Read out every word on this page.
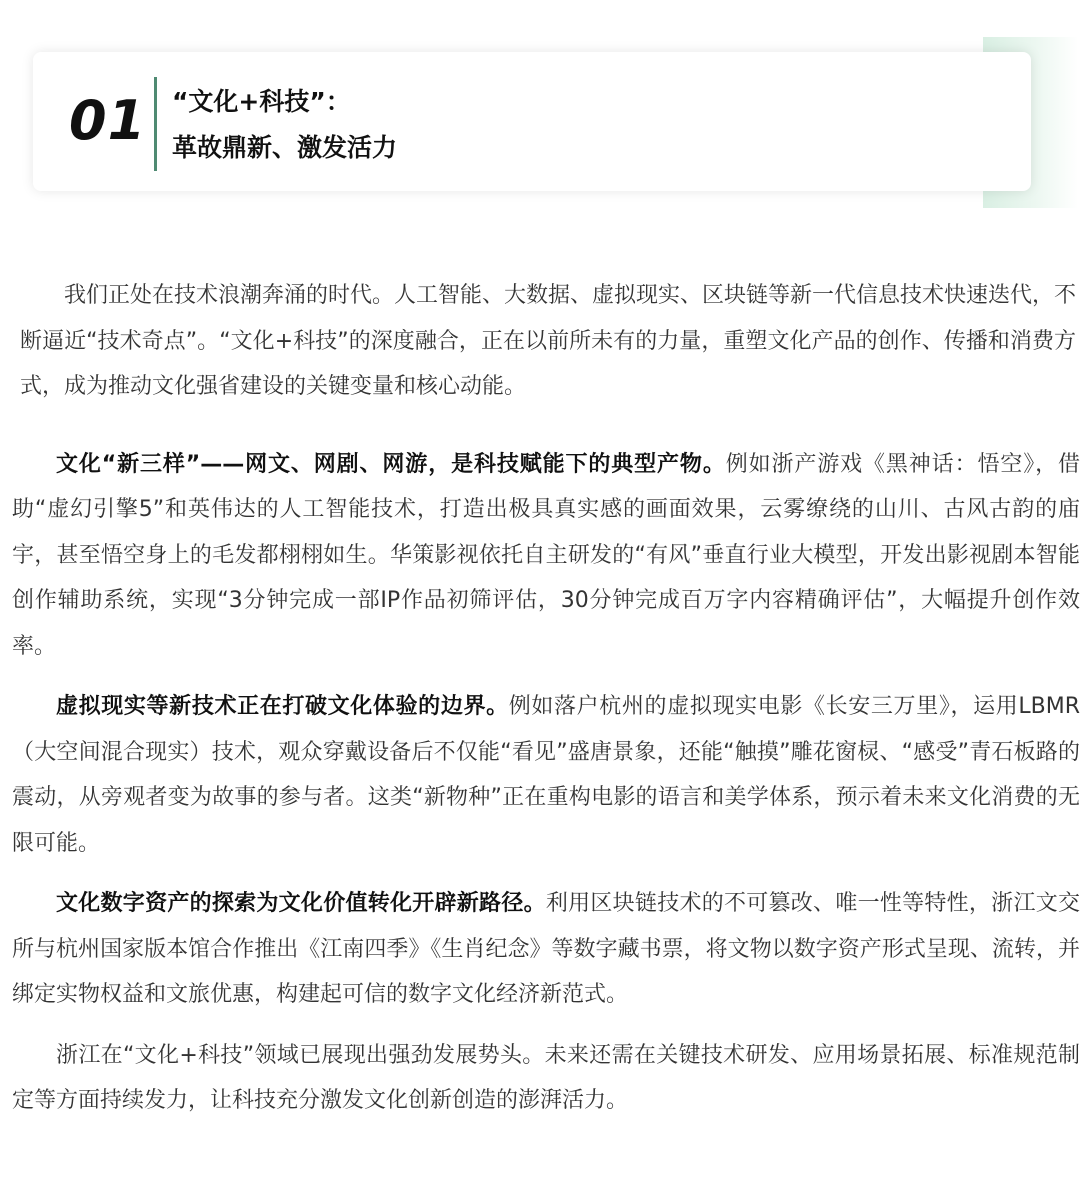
01 “文化+科技”：
革故鼎新、激发活力

我们正处在技术浪潮奔涌的时代。人工智能、大数据、虚拟现实、区块链等新一代信息技术快速迭代，不断逼近“技术奇点”。“文化+科技”的深度融合，正在以前所未有的力量，重塑文化产品的创作、传播和消费方式，成为推动文化强省建设的关键变量和核心动能。

文化“新三样”——网文、网剧、网游，是科技赋能下的典型产物。例如浙产游戏《黑神话：悟空》，借助“虚幻引擎5”和英伟达的人工智能技术，打造出极具真实感的画面效果，云雾缭绕的山川、古风古韵的庙宇，甚至悟空身上的毛发都栩栩如生。华策影视依托自主研发的“有风”垂直行业大模型，开发出影视剧本智能创作辅助系统，实现“3分钟完成一部IP作品初筛评估，30分钟完成百万字内容精确评估”，大幅提升创作效率。

虚拟现实等新技术正在打破文化体验的边界。例如落户杭州的虚拟现实电影《长安三万里》，运用LBMR（大空间混合现实）技术，观众穿戴设备后不仅能“看见”盛唐景象，还能“触摸”雕花窗棂、“感受”青石板路的震动，从旁观者变为故事的参与者。这类“新物种”正在重构电影的语言和美学体系，预示着未来文化消费的无限可能。

文化数字资产的探索为文化价值转化开辟新路径。利用区块链技术的不可篡改、唯一性等特性，浙江文交所与杭州国家版本馆合作推出《江南四季》《生肖纪念》等数字藏书票，将文物以数字资产形式呈现、流转，并绑定实物权益和文旅优惠，构建起可信的数字文化经济新范式。

浙江在“文化+科技”领域已展现出强劲发展势头。未来还需在关键技术研发、应用场景拓展、标准规范制定等方面持续发力，让科技充分激发文化创新创造的澎湃活力。
